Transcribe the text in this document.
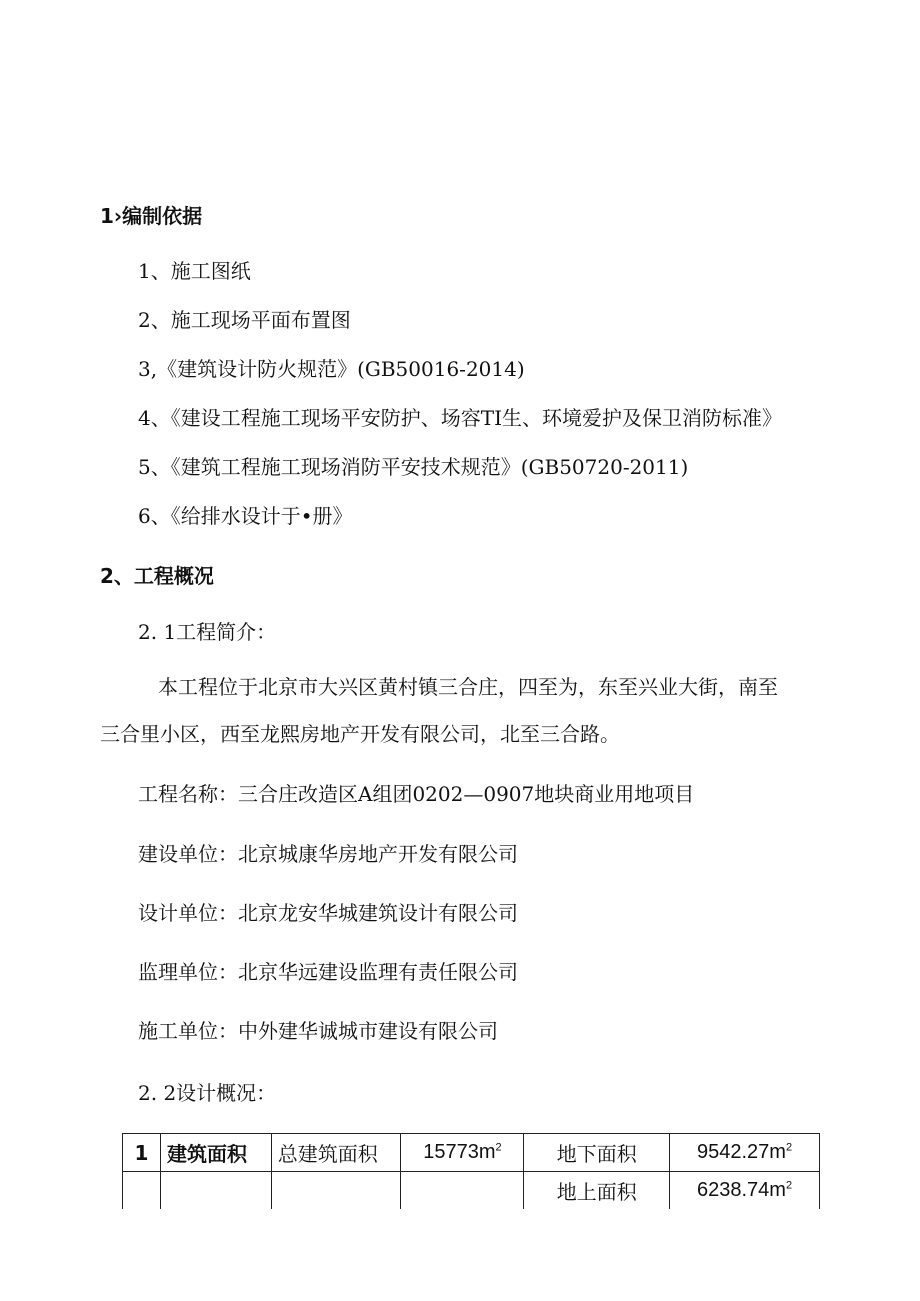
1›编制依据
1、施工图纸
2、施工现场平面布置图
3,《建筑设计防火规范》(GB50016-2014)
4、《建设工程施工现场平安防护、场容TI生、环境爱护及保卫消防标准》
5、《建筑工程施工现场消防平安技术规范》(GB50720-2011)
6、《给排水设计于•册》
2、工程概况
2. 1工程简介：
本工程位于北京市大兴区黄村镇三合庄，四至为，东至兴业大街，南至
三合里小区，西至龙熙房地产开发有限公司，北至三合路。
工程名称：三合庄改造区A组团0202—0907地块商业用地项目
建设单位：北京城康华房地产开发有限公司
设计单位：北京龙安华城建筑设计有限公司
监理单位：北京华远建设监理有责任限公司
施工单位：中外建华诚城市建设有限公司
2. 2设计概况：
1	建筑面积	总建筑面积	$15773m^2$	地下面积	$9542.27m^2$
				地上面积	$6238.74m^2$
